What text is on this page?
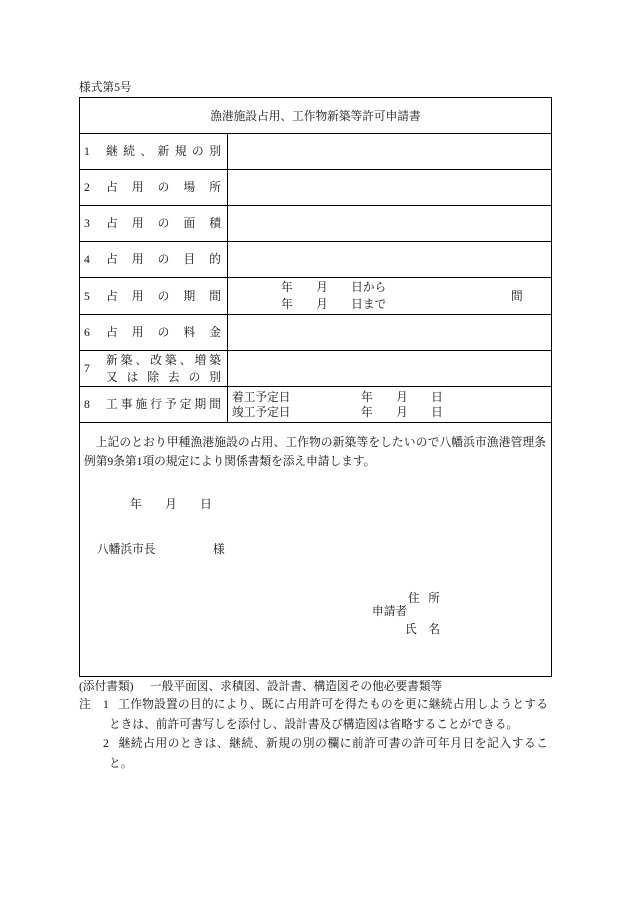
様式第5号
漁港施設占用、工作物新築等許可申請書
1 継 続 、 新 規 の 別
2 占 用 の 場 所
3 占 用 の 面 積
4 占 用 の 目 的
5 占 用 の 期 間
年　　月　　日から
年　　月　　日まで
間
6 占 用 の 料 金
7
新 築 、 改 築 、 増 築
又 は 除 去 の 別
8 工 事 施 行 予 定 期 間
着工予定日	年　　月　　日
竣工予定日	年　　月　　日
上記のとおり甲種漁港施設の占用、工作物の新築等をしたいので八幡浜市漁港管理条例第9条第1項の規定により関係書類を添え申請します。
年　　月　　日
八幡浜市長	様
住 所
申請者
氏 名
(添付書類) 一般平面図、求積図、設計書、構造図その他必要書類等
注 1 工作物設置の目的により、既に占用許可を得たものを更に継続占用しようとするときは、前許可書写しを添付し、設計書及び構造図は省略することができる。
2 継続占用のときは、継続、新規の別の欄に前許可書の許可年月日を記入すること。
